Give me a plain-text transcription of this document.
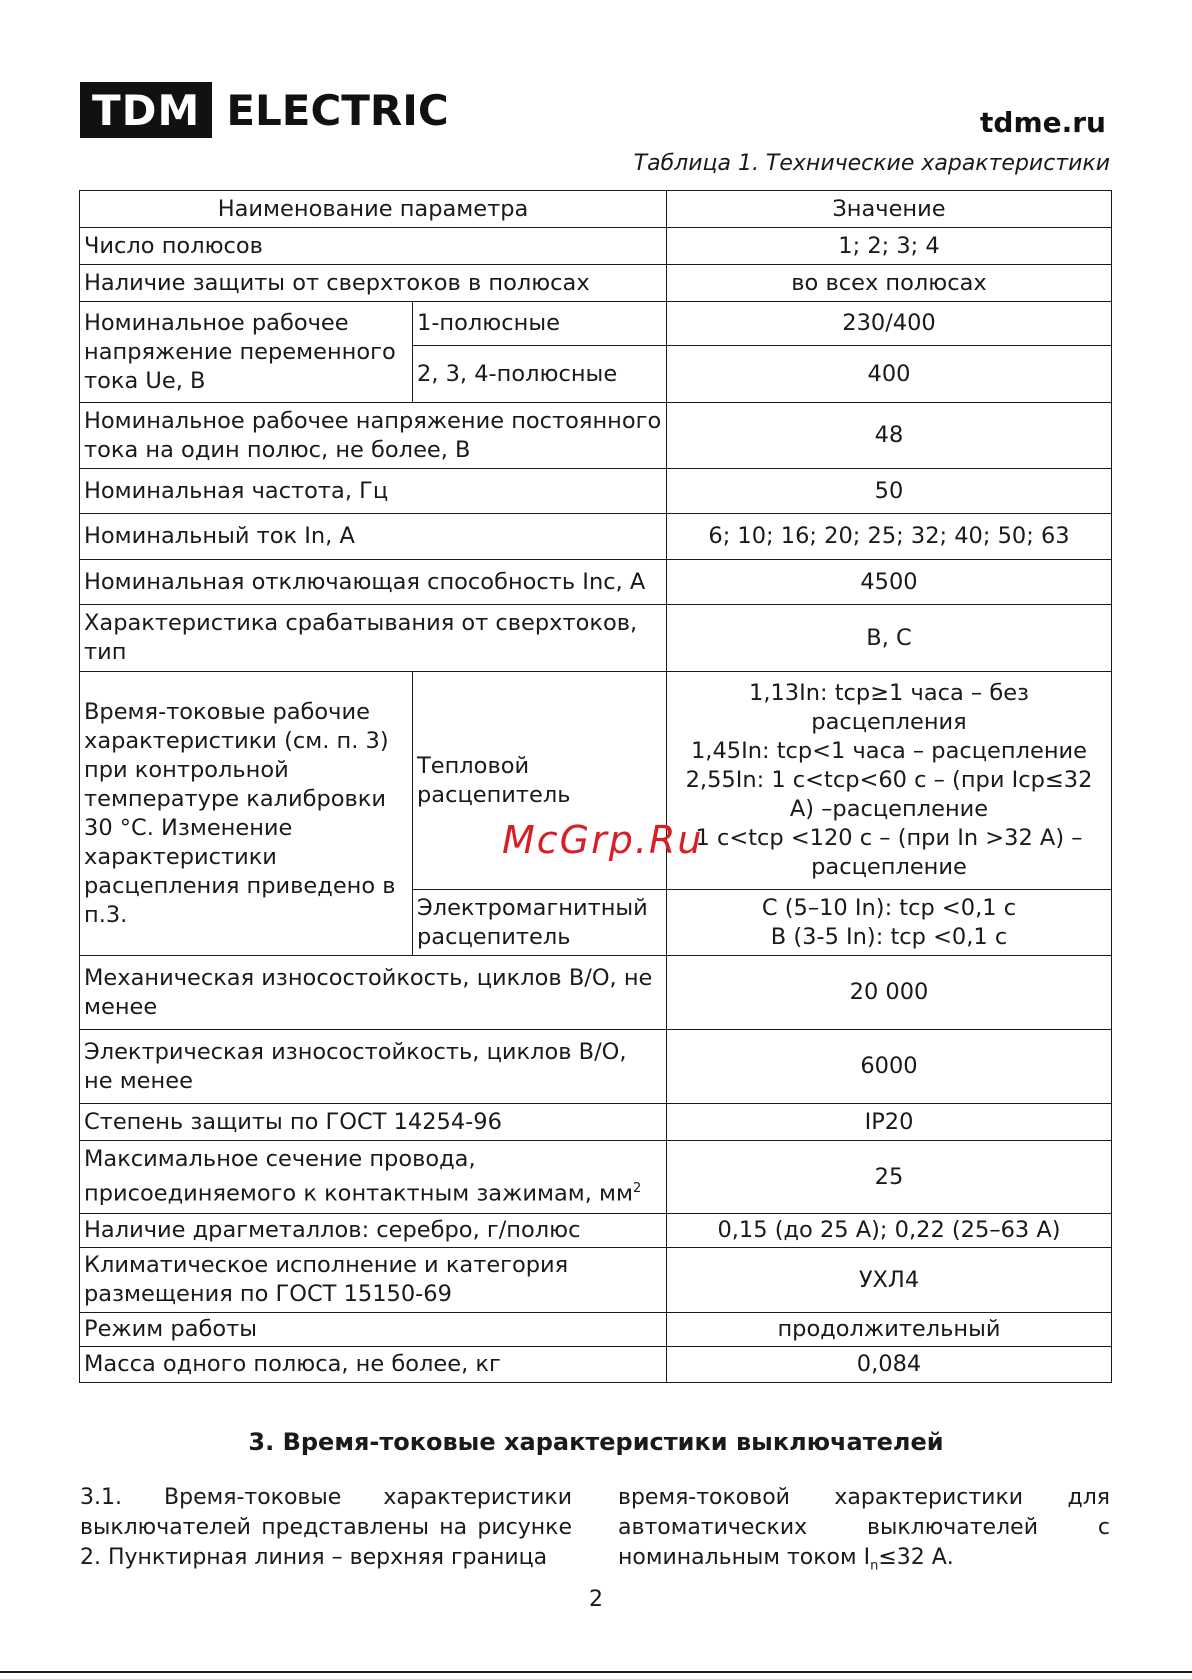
TDM ELECTRIC	tdme.ru
Таблица 1. Технические характеристики
Наименование параметра		Значение
Число полюсов		1; 2; 3; 4
Наличие защиты от сверхтоков в полюсах		во всех полюсах
Номинальное рабочее напряжение переменного тока Ue, В	1-полюсные	230/400
	2, 3, 4-полюсные	400
Номинальное рабочее напряжение постоянного тока на один полюс, не более, В		48
Номинальная частота, Гц		50
Номинальный ток In, А		6; 10; 16; 20; 25; 32; 40; 50; 63
Номинальная отключающая способность Inc, А		4500
Характеристика срабатывания от сверхтоков, тип		B, C
Время-токовые рабочие характеристики (см. п. 3) при контрольной температуре калибровки 30 °С. Изменение характеристики расцепления приведено в п.3.	Тепловой расцепитель	1,13In: tср≥1 часа – без расцепления
1,45In: tср<1 часа – расцепление
2,55In: 1 с<tср<60 с – (при Iср≤32 А) –расцепление
1 с<tср <120 с – (при In >32 А) – расцепление

	Электромагнитный расцепитель	C (5–10 In): tср <0,1 с
B (3-5 In): tср <0,1 с

Механическая износостойкость, циклов В/О, не менее		20 000
Электрическая износостойкость, циклов В/О, не менее		6000
Степень защиты по ГОСТ 14254-96		IP20
Максимальное сечение провода, присоединяемого к контактным зажимам, $мм^2$		25
Наличие драгметаллов: серебро, г/полюс		0,15 (до 25 А); 0,22 (25–63 А)
Климатическое исполнение и категория размещения по ГОСТ 15150-69		УХЛ4
Режим работы		продолжительный
Масса одного полюса, не более, кг		0,084
McGrp.Ru
3. Время-токовые характеристики выключателей
3.1. Время-токовые характеристики выключателей представлены на рисунке 2. Пунктирная линия – верхняя граница
время-токовой характеристики для автоматических выключателей с номинальным током $I_n\le 32$ А.
2
